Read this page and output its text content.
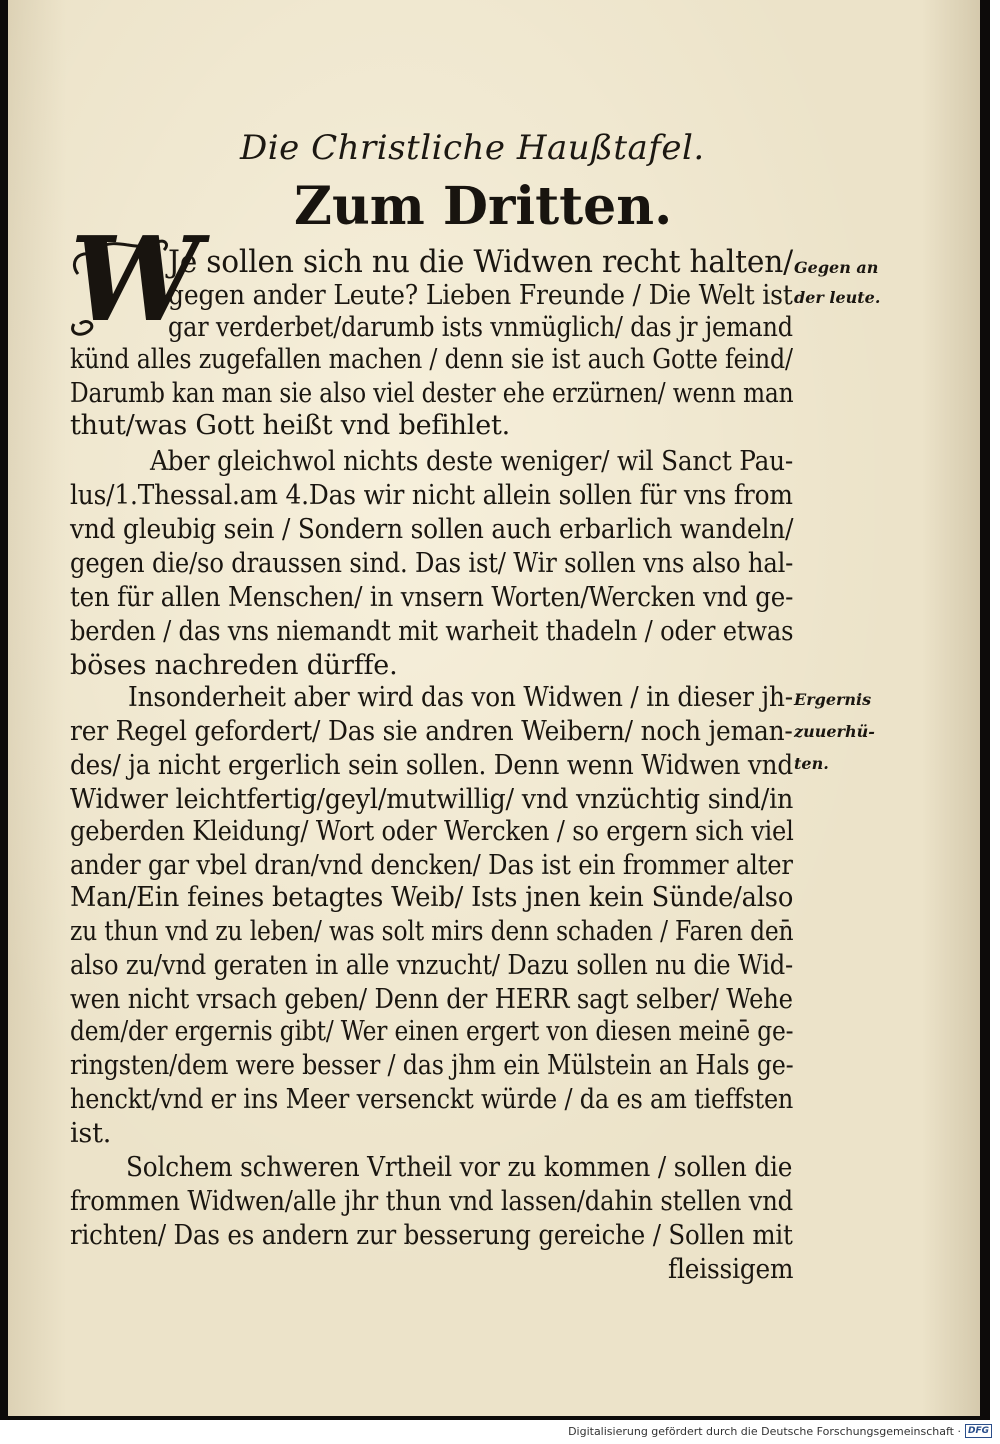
Die Christliche Haußtafel.
Zum Dritten.
W
Je sollen sich nu die Widwen recht halten/
gegen ander Leute? Lieben Freunde / Die Welt ist
gar verderbet/darumb ists vnmüglich/ das jr jemand
künd alles zugefallen machen / denn sie ist auch Gotte feind/
Darumb kan man sie also viel dester ehe erzürnen/ wenn man
thut/was Gott heißt vnd befihlet.
Aber gleichwol nichts deste weniger/ wil Sanct Pau-
lus/1.Thessal.am 4.Das wir nicht allein sollen für vns from
vnd gleubig sein / Sondern sollen auch erbarlich wandeln/
gegen die/so draussen sind. Das ist/ Wir sollen vns also hal-
ten für allen Menschen/ in vnsern Worten/Wercken vnd ge-
berden / das vns niemandt mit warheit thadeln / oder etwas
böses nachreden dürffe.
Insonderheit aber wird das von Widwen / in dieser jh-
rer Regel gefordert/ Das sie andren Weibern/ noch jeman-
des/ ja nicht ergerlich sein sollen. Denn wenn Widwen vnd
Widwer leichtfertig/geyl/mutwillig/ vnd vnzüchtig sind/in
geberden Kleidung/ Wort oder Wercken / so ergern sich viel
ander gar vbel dran/vnd dencken/ Das ist ein frommer alter
Man/Ein feines betagtes Weib/ Ists jnen kein Sünde/also
zu thun vnd zu leben/ was solt mirs denn schaden / Faren den̄
also zu/vnd geraten in alle vnzucht/ Dazu sollen nu die Wid-
wen nicht vrsach geben/ Denn der HERR sagt selber/ Wehe
dem/der ergernis gibt/ Wer einen ergert von diesen meinē ge-
ringsten/dem were besser / das jhm ein Mülstein an Hals ge-
henckt/vnd er ins Meer versenckt würde / da es am tieffsten
ist.
Solchem schweren Vrtheil vor zu kommen / sollen die
frommen Widwen/alle jhr thun vnd lassen/dahin stellen vnd
richten/ Das es andern zur besserung gereiche / Sollen mit
fleissigem
Gegen an
der leute.
Ergernis
zuuerhü-
ten.
Digitalisierung gefördert durch die Deutsche Forschungsgemeinschaft · DFG
